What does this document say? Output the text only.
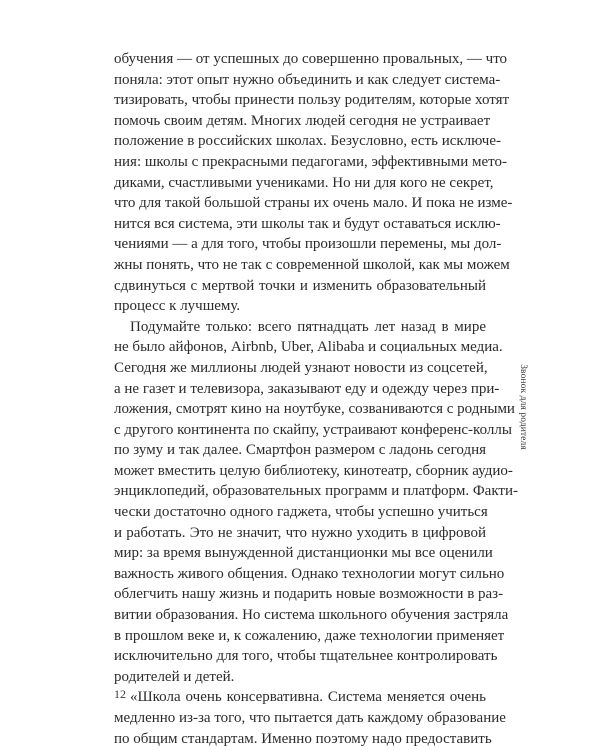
обучения — от успешных до совершенно провальных, — что
поняла: этот опыт нужно объединить и как следует система-
тизировать, чтобы принести пользу родителям, которые хотят
помочь своим детям. Многих людей сегодня не устраивает
положение в российских школах. Безусловно, есть исключе-
ния: школы с прекрасными педагогами, эффективными мето-
диками, счастливыми учениками. Но ни для кого не секрет,
что для такой большой страны их очень мало. И пока не изме-
нится вся система, эти школы так и будут оставаться исклю-
чениями — а для того, чтобы произошли перемены, мы дол-
жны понять, что не так с современной школой, как мы можем
сдвинуться с мертвой точки и изменить образовательный
процесс к лучшему.
Подумайте только: всего пятнадцать лет назад в мире
не было айфонов, Airbnb, Uber, Alibaba и социальных медиа.
Сегодня же миллионы людей узнают новости из соцсетей,
а не газет и телевизора, заказывают еду и одежду через при-
ложения, смотрят кино на ноутбуке, созваниваются с родными
с другого континента по скайпу, устраивают конференс-коллы
по зуму и так далее. Смартфон размером с ладонь сегодня
может вместить целую библиотеку, кинотеатр, сборник аудио-
энциклопедий, образовательных программ и платформ. Факти-
чески достаточно одного гаджета, чтобы успешно учиться
и работать. Это не значит, что нужно уходить в цифровой
мир: за время вынужденной дистанционки мы все оценили
важность живого общения. Однако технологии могут сильно
облегчить нашу жизнь и подарить новые возможности в раз-
витии образования. Но система школьного обучения застряла
в прошлом веке и, к сожалению, даже технологии применяет
исключительно для того, чтобы тщательнее контролировать
родителей и детей.
«Школа очень консервативна. Система меняется очень
медленно из-за того, что пытается дать каждому образование
по общим стандартам. Именно поэтому надо предоставить
Звонок для родителя
12
